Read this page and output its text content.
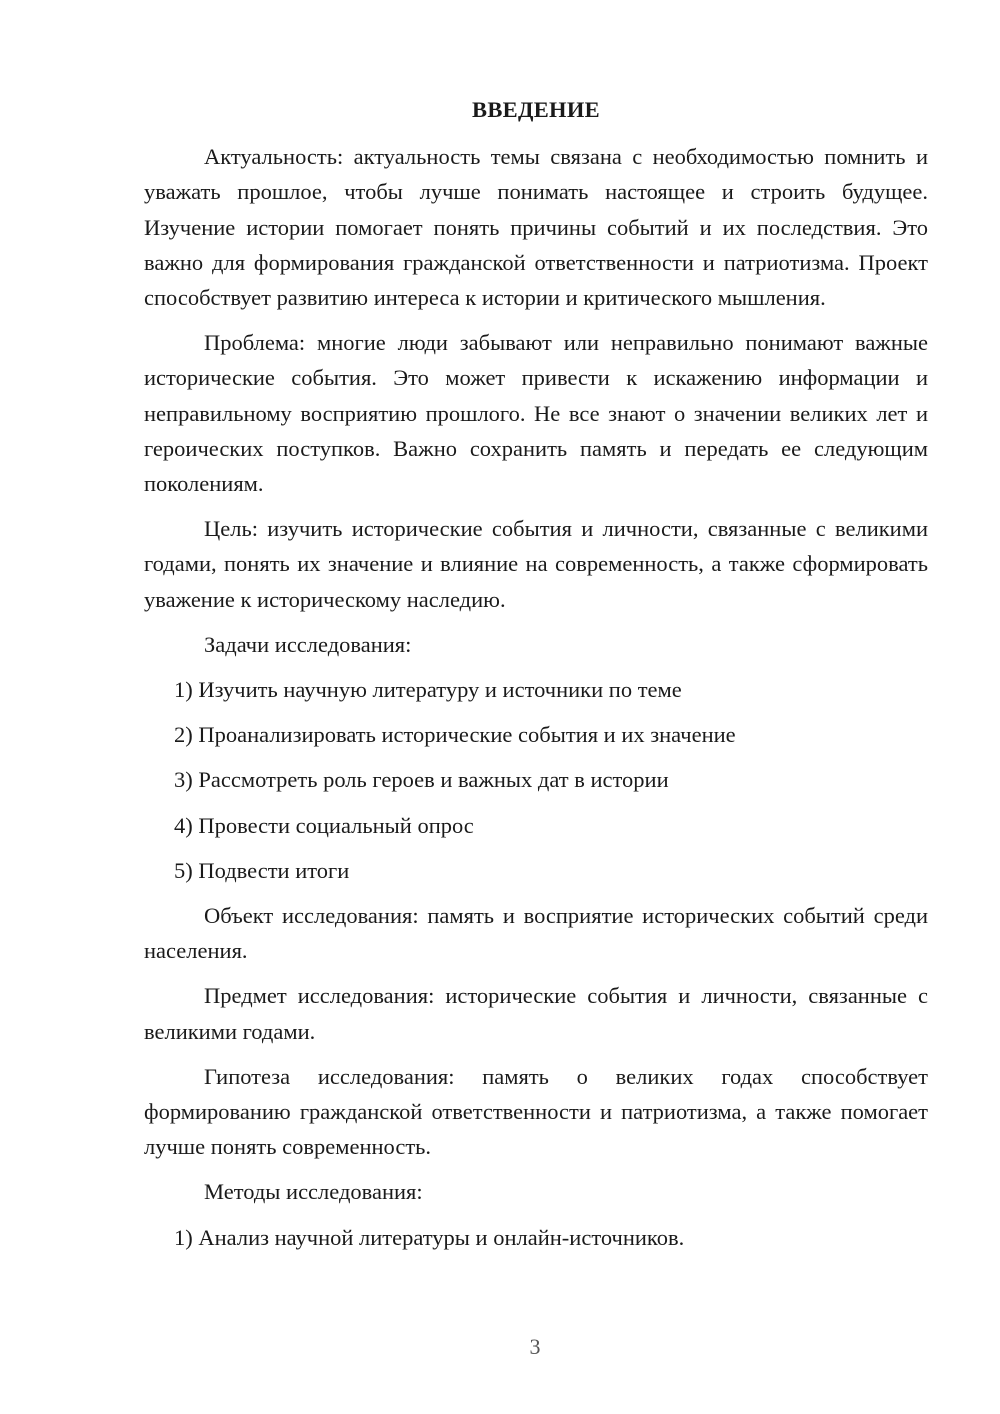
ВВЕДЕНИЕ

Актуальность: актуальность темы связана с необходимостью помнить и уважать прошлое, чтобы лучше понимать настоящее и строить будущее. Изучение истории помогает понять причины событий и их последствия. Это важно для формирования гражданской ответственности и патриотизма. Проект способствует развитию интереса к истории и критического мышления.

Проблема: многие люди забывают или неправильно понимают важные исторические события. Это может привести к искажению информации и неправильному восприятию прошлого. Не все знают о значении великих лет и героических поступков. Важно сохранить память и передать ее следующим поколениям.

Цель: изучить исторические события и личности, связанные с великими годами, понять их значение и влияние на современность, а также сформировать уважение к историческому наследию.

Задачи исследования:

1) Изучить научную литературу и источники по теме
2) Проанализировать исторические события и их значение
3) Рассмотреть роль героев и важных дат в истории
4) Провести социальный опрос
5) Подвести итоги

Объект исследования: память и восприятие исторических событий среди населения.

Предмет исследования: исторические события и личности, связанные с великими годами.

Гипотеза исследования: память о великих годах способствует формированию гражданской ответственности и патриотизма, а также помогает лучше понять современность.

Методы исследования:

1) Анализ научной литературы и онлайн-источников.
3
